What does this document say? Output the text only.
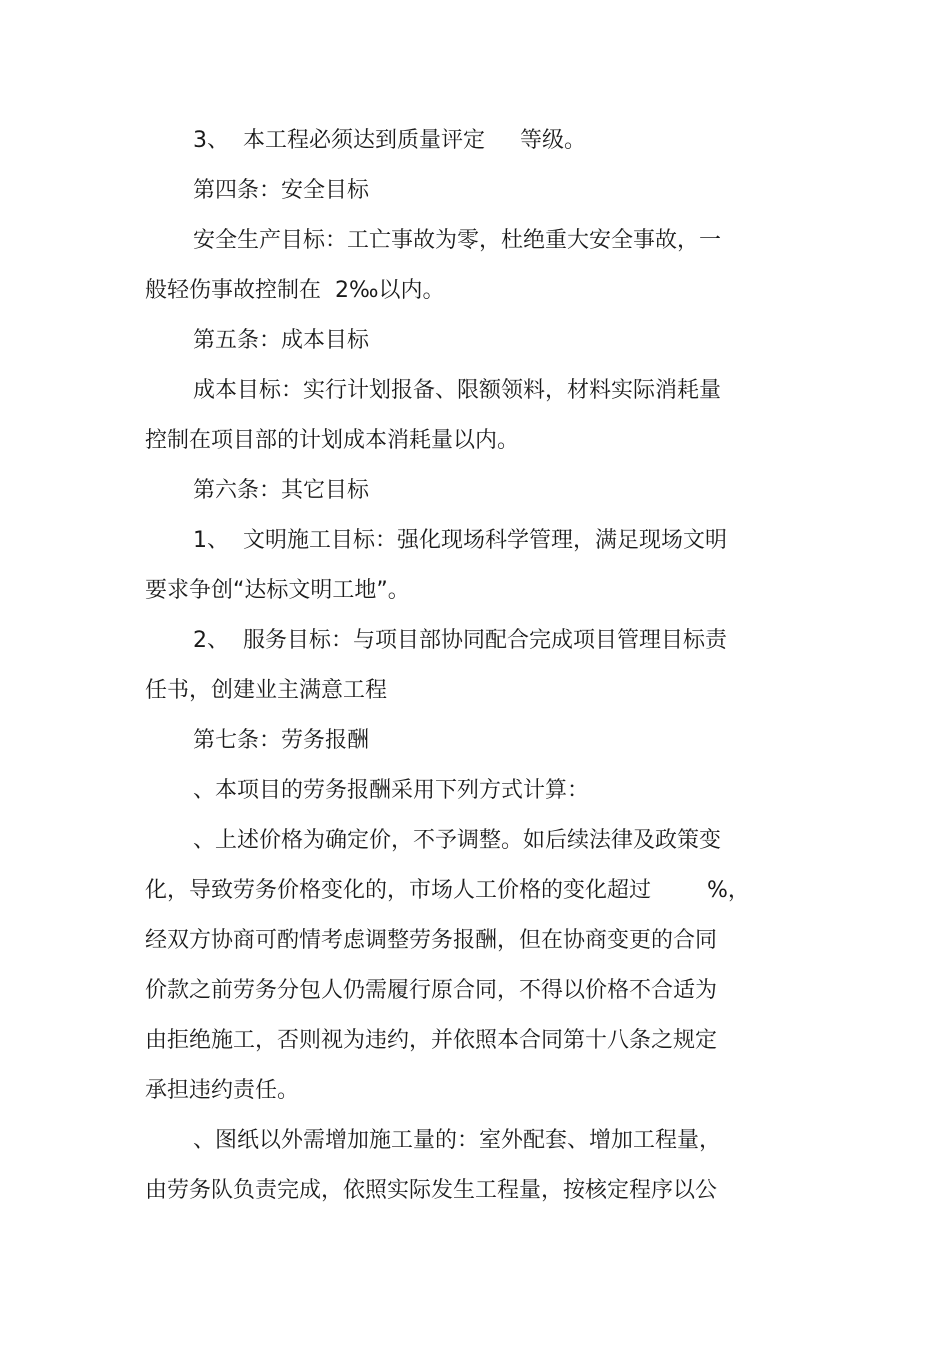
3、  本工程必须达到质量评定     等级。
第四条：安全目标
安全生产目标：工亡事故为零，杜绝重大安全事故，一
般轻伤事故控制在  2‰以内。
第五条：成本目标
成本目标：实行计划报备、限额领料，材料实际消耗量
控制在项目部的计划成本消耗量以内。
第六条：其它目标
1、  文明施工目标：强化现场科学管理，满足现场文明
要求争创“达标文明工地”。
2、  服务目标：与项目部协同配合完成项目管理目标责
任书，创建业主满意工程
第七条：劳务报酬
、本项目的劳务报酬采用下列方式计算：
、上述价格为确定价，不予调整。如后续法律及政策变
化，导致劳务价格变化的，市场人工价格的变化超过        %，
经双方协商可酌情考虑调整劳务报酬，但在协商变更的合同
价款之前劳务分包人仍需履行原合同，不得以价格不合适为
由拒绝施工，否则视为违约，并依照本合同第十八条之规定
承担违约责任。
、图纸以外需增加施工量的：室外配套、增加工程量，
由劳务队负责完成，依照实际发生工程量，按核定程序以公
